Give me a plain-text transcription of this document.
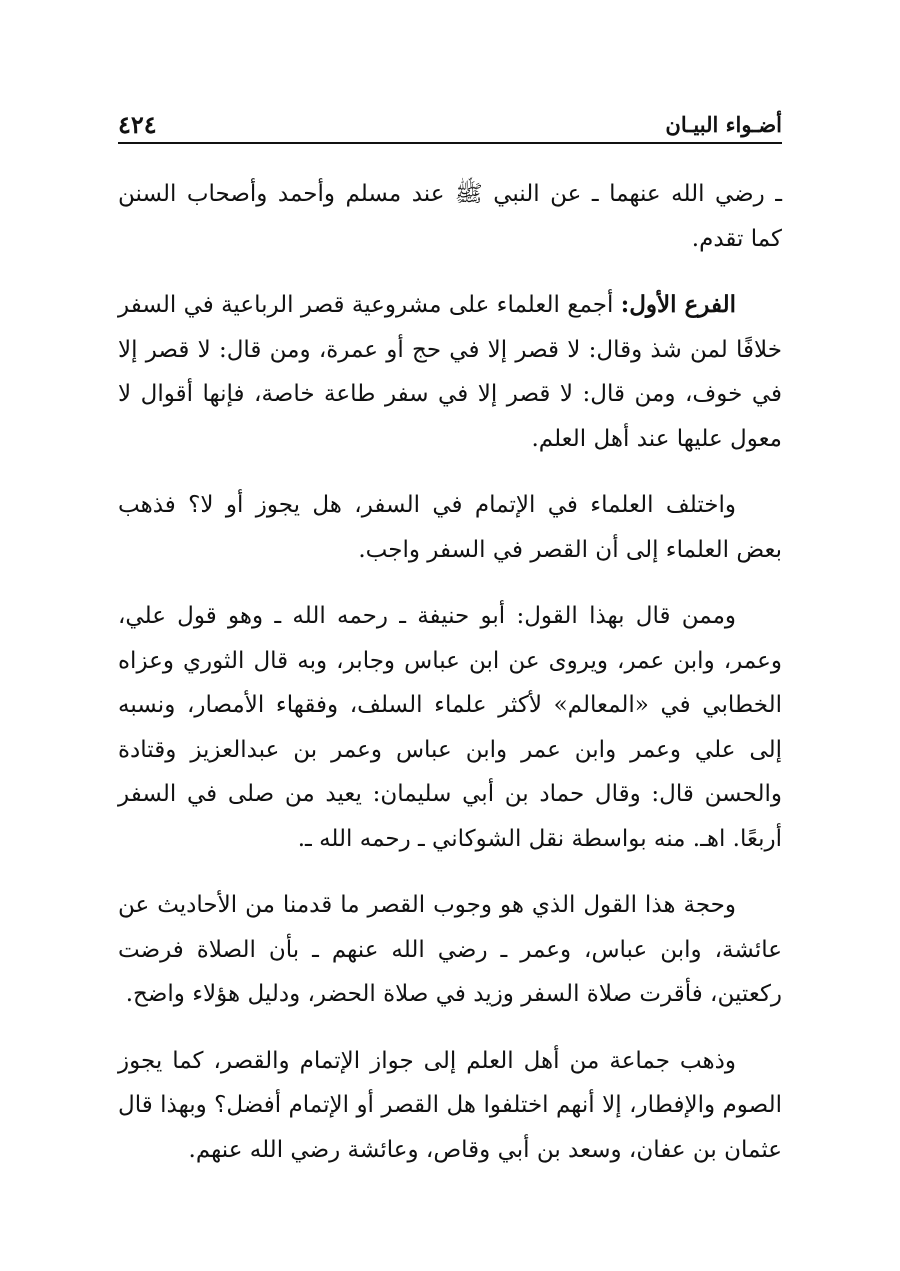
أضـواء البيـان
٤٢٤

ـ رضي الله عنهما ـ عن النبي ﷺ عند مسلم وأحمد وأصحاب السنن كما تقدم.

الفرع الأول: أجمع العلماء على مشروعية قصر الرباعية في السفر خلافًا لمن شذ وقال: لا قصر إلا في حج أو عمرة، ومن قال: لا قصر إلا في خوف، ومن قال: لا قصر إلا في سفر طاعة خاصة، فإنها أقوال لا معول عليها عند أهل العلم.

واختلف العلماء في الإتمام في السفر، هل يجوز أو لا؟ فذهب بعض العلماء إلى أن القصر في السفر واجب.

وممن قال بهذا القول: أبو حنيفة ـ رحمه الله ـ وهو قول علي، وعمر، وابن عمر، ويروى عن ابن عباس وجابر، وبه قال الثوري وعزاه الخطابي في «المعالم» لأكثر علماء السلف، وفقهاء الأمصار، ونسبه إلى علي وعمر وابن عمر وابن عباس وعمر بن عبدالعزيز وقتادة والحسن قال: وقال حماد بن أبي سليمان: يعيد من صلى في السفر أربعًا. اهـ. منه بواسطة نقل الشوكاني ـ رحمه الله ـ.

وحجة هذا القول الذي هو وجوب القصر ما قدمنا من الأحاديث عن عائشة، وابن عباس، وعمر ـ رضي الله عنهم ـ بأن الصلاة فرضت ركعتين، فأقرت صلاة السفر وزيد في صلاة الحضر، ودليل هؤلاء واضح.

وذهب جماعة من أهل العلم إلى جواز الإتمام والقصر، كما يجوز الصوم والإفطار، إلا أنهم اختلفوا هل القصر أو الإتمام أفضل؟ وبهذا قال عثمان بن عفان، وسعد بن أبي وقاص، وعائشة رضي الله عنهم.
